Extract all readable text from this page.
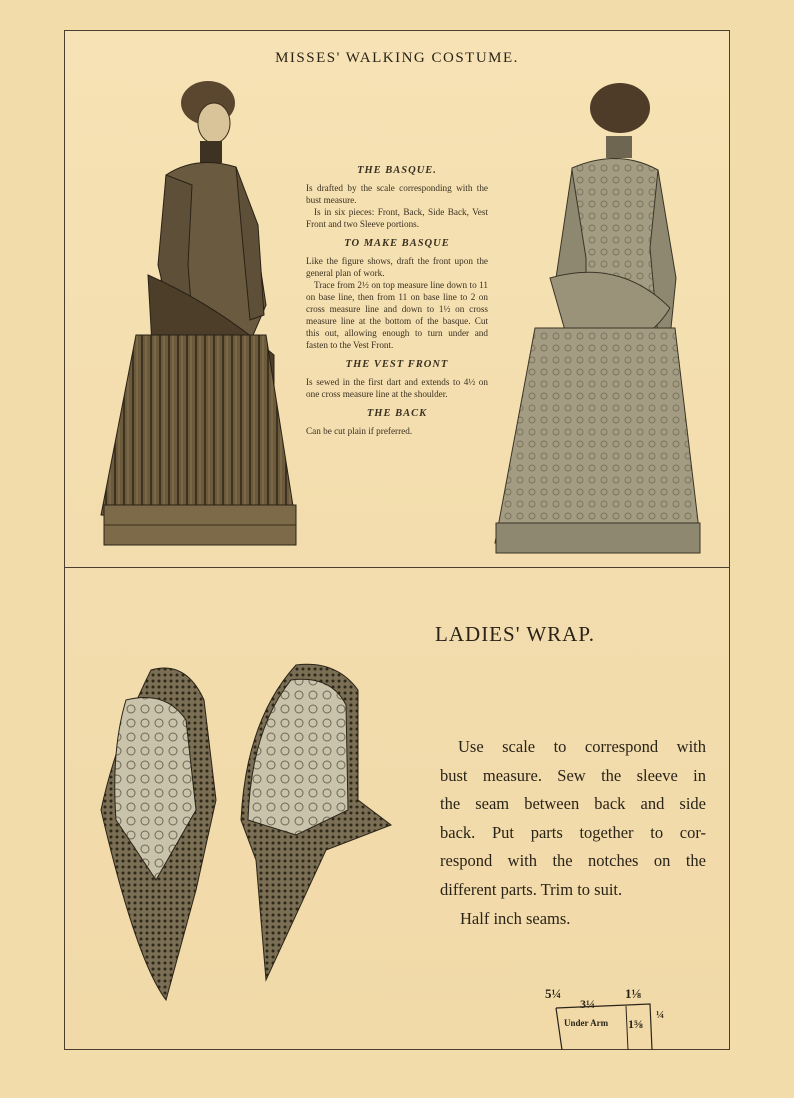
MISSES' WALKING COSTUME.
THE BASQUE.

Is drafted by the scale corresponding with the bust measure.

Is in six pieces: Front, Back, Side Back, Vest Front and two Sleeve portions.

TO MAKE BASQUE

Like the figure shows, draft the front upon the general plan of work.

Trace from 2½ on top measure line down to 11 on base line, then from 11 on base line to 2 on cross measure line and down to 1½ on cross measure line at the bottom of the basque. Cut this out, allowing enough to turn under and fasten to the Vest Front.

THE VEST FRONT

Is sewed in the first dart and extends to 4½ on one cross measure line at the shoulder.

THE BACK

Can be cut plain if preferred.

LADIES' WRAP.
Use scale to correspond with
bust measure. Sew the sleeve in
the seam between back and side
back. Put parts together to cor-
respond with the notches on the
different parts. Trim to suit.
Half inch seams.
5¼
3¼
1⅛
¼
1⅝
Under Arm
